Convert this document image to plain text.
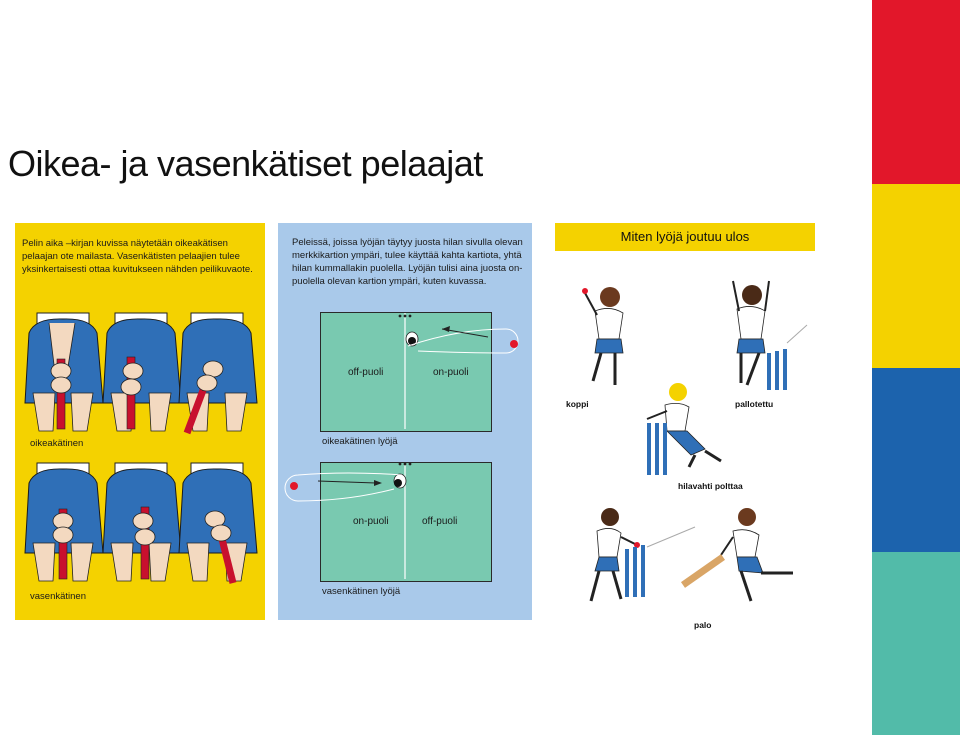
Oikea- ja vasenkätiset pelaajat
Pelin aika –kirjan kuvissa näytetään oikeakätisen pelaajan ote mailasta. Vasenkätisten pelaajien tulee yksinkertaisesti ottaa kuvitukseen nähden peilikuvaote.
oikeakätinen
vasenkätinen
Peleissä, joissa lyöjän täytyy juosta hilan sivulla olevan merkkikartion ympäri, tulee käyttää kahta kartiota, yhtä hilan kummallakin puolella. Lyöjän tulisi aina juosta on-puolella olevan kartion ympäri, kuten kuvassa.
off-puoli	on-puoli
oikeakätinen lyöjä
on-puoli	off-puoli
vasenkätinen lyöjä
Miten lyöjä joutuu ulos
koppi	pallotettu
hilavahti polttaa
palo
